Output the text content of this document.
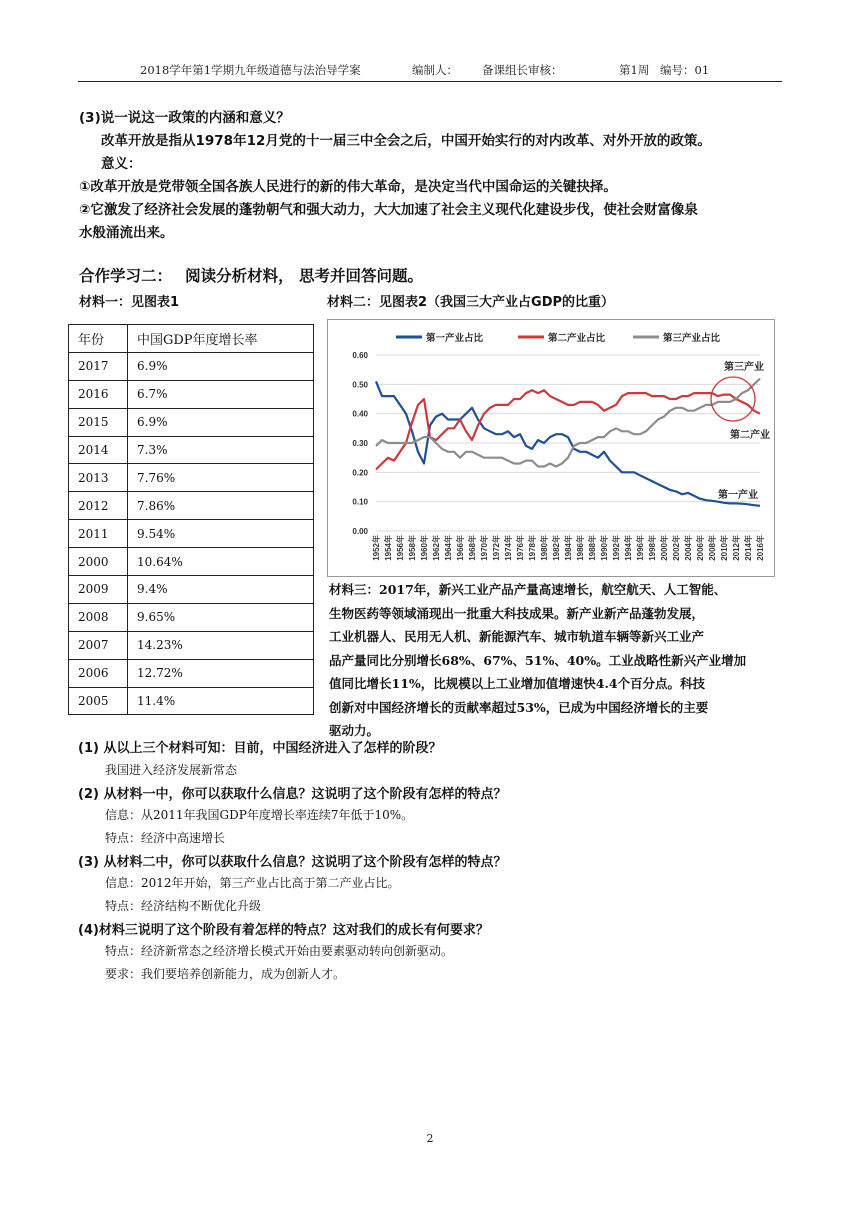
2018学年第1学期九年级道德与法治导学案	编制人： 备课组长审核：	第1周 编号：01
(3)说一说这一政策的内涵和意义？
改革开放是指从1978年12月党的十一届三中全会之后，中国开始实行的对内改革、对外开放的政策。
意义：
①改革开放是党带领全国各族人民进行的新的伟大革命，是决定当代中国命运的关键抉择。
②它激发了经济社会发展的蓬勃朝气和强大动力，大大加速了社会主义现代化建设步伐，使社会财富像泉
水般涌流出来。
合作学习二：　 阅读分析材料， 思考并回答问题。
材料一：见图表1	材料二：见图表2（我国三大产业占GDP的比重）
年份	中国GDP年度增长率
2017	6.9%
2016	6.7%
2015	6.9%
2014	7.3%
2013	7.76%
2012	7.86%
2011	9.54%
2000	10.64%
2009	9.4%
2008	9.65%
2007	14.23%
2006	12.72%
2005	11.4%
0.00
0.10
0.20
0.30
0.40
0.50
0.60
1952年 1954年 1956年 1958年 1960年 1962年 1964年 1966年 1968年 1970年 1972年 1974年 1976年 1978年 1980年 1982年 1984年 1986年 1988年 1990年 1992年 1994年 1996年 1998年 2000年 2002年 2004年 2006年 2008年 2010年 2012年 2014年 2016年
第一产业占比	第二产业占比	第三产业占比
第三产业
第二产业
第一产业

材料三：2017年，新兴工业产品产量高速增长，航空航天、人工智能、

生物医药等领域涌现出一批重大科技成果。新产业新产品蓬勃发展，

工业机器人、民用无人机、新能源汽车、城市轨道车辆等新兴工业产

品产量同比分别增长68%、67%、51%、40%。工业战略性新兴产业增加

值同比增长11%，比规模以上工业增加值增速快4.4个百分点。科技

创新对中国经济增长的贡献率超过53%，已成为中国经济增长的主要

驱动力。

(1) 从以上三个材料可知：目前，中国经济进入了怎样的阶段？
我国进入经济发展新常态
(2) 从材料一中，你可以获取什么信息？这说明了这个阶段有怎样的特点？
信息：从2011年我国GDP年度增长率连续7年低于10%。
特点：经济中高速增长
(3) 从材料二中，你可以获取什么信息？这说明了这个阶段有怎样的特点？
信息：2012年开始，第三产业占比高于第二产业占比。
特点：经济结构不断优化升级
(4)材料三说明了这个阶段有着怎样的特点？这对我们的成长有何要求？
特点：经济新常态之经济增长模式开始由要素驱动转向创新驱动。
要求：我们要培养创新能力，成为创新人才。
2
